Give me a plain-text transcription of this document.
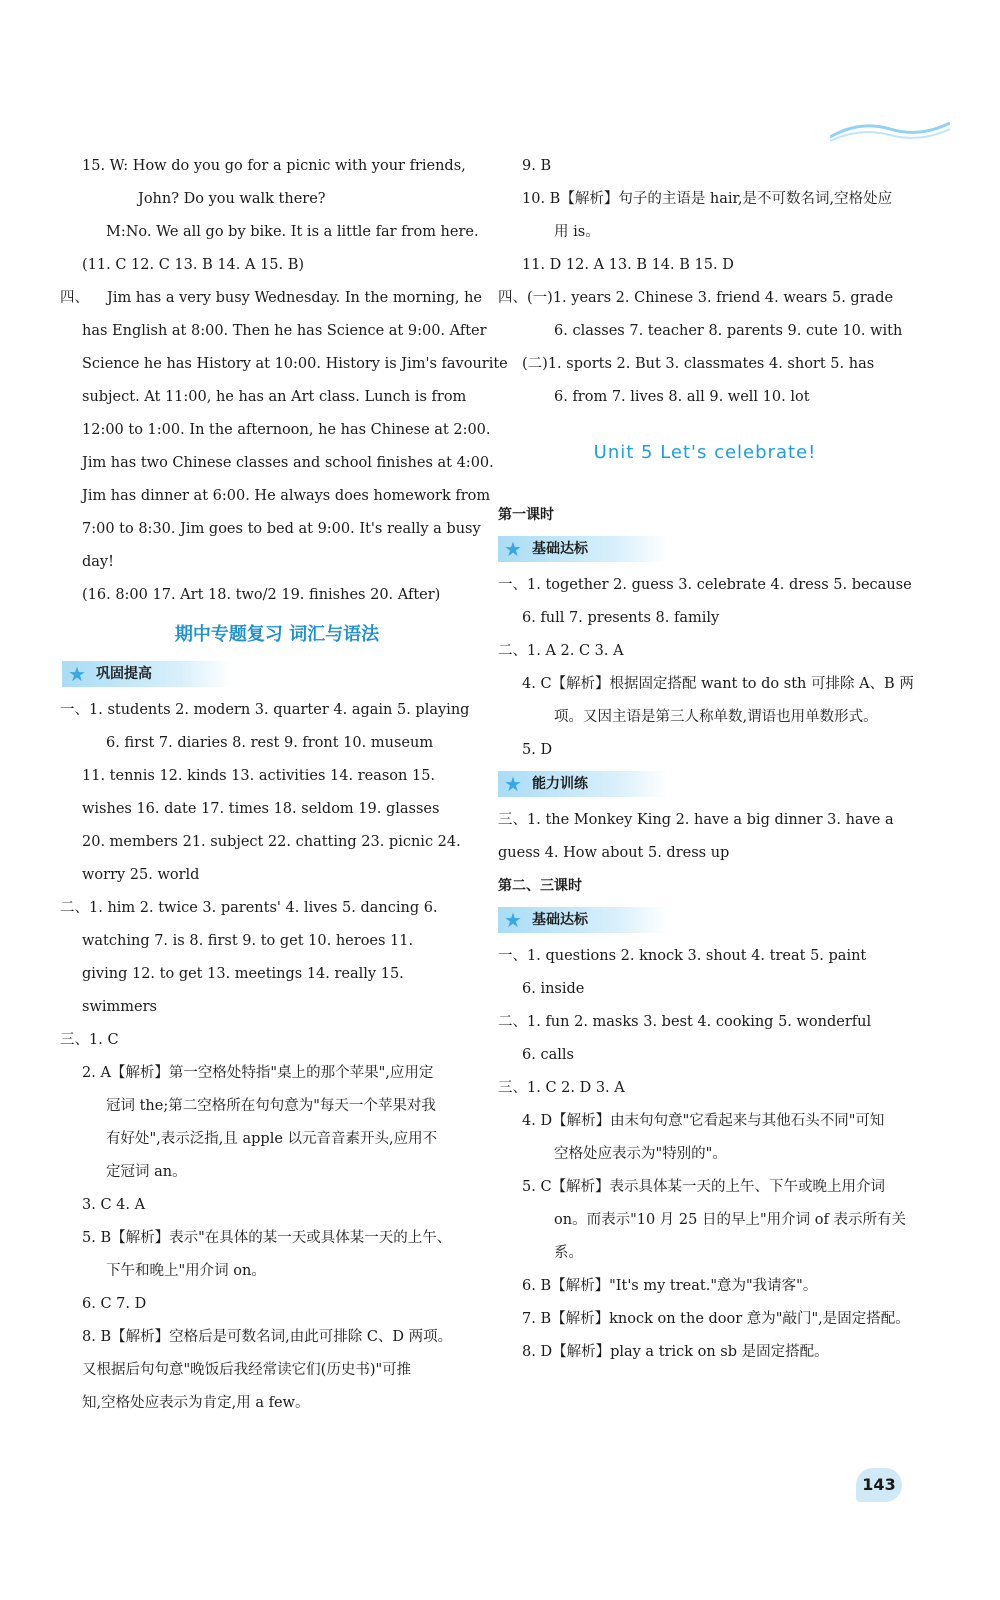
15. W: How do you go for a picnic with your friends,
John? Do you walk there?
M:No. We all go by bike. It is a little far from here.
(11. C 12. C 13. B 14. A 15. B)
四、 Jim has a very busy Wednesday. In the morning, he
has English at 8:00. Then he has Science at 9:00. After
Science he has History at 10:00. History is Jim's favourite
subject. At 11:00, he has an Art class. Lunch is from
12:00 to 1:00. In the afternoon, he has Chinese at 2:00.
Jim has two Chinese classes and school finishes at 4:00.
Jim has dinner at 6:00. He always does homework from
7:00 to 8:30. Jim goes to bed at 9:00. It's really a busy
day!
(16. 8:00 17. Art 18. two/2 19. finishes 20. After)
期中专题复习 词汇与语法
★ 巩固提高
一、1. students 2. modern 3. quarter 4. again 5. playing
6. first 7. diaries 8. rest 9. front 10. museum
11. tennis 12. kinds 13. activities 14. reason 15.
wishes 16. date 17. times 18. seldom 19. glasses
20. members 21. subject 22. chatting 23. picnic 24.
worry 25. world
二、1. him 2. twice 3. parents' 4. lives 5. dancing 6.
watching 7. is 8. first 9. to get 10. heroes 11.
giving 12. to get 13. meetings 14. really 15.
swimmers
三、1. C
2. A【解析】第一空格处特指"桌上的那个苹果",应用定
冠词 the;第二空格所在句句意为"每天一个苹果对我
有好处",表示泛指,且 apple 以元音音素开头,应用不
定冠词 an。
3. C 4. A
5. B【解析】表示"在具体的某一天或具体某一天的上午、
下午和晚上"用介词 on。
6. C 7. D
8. B【解析】空格后是可数名词,由此可排除 C、D 两项。
又根据后句句意"晚饭后我经常读它们(历史书)"可推
知,空格处应表示为肯定,用 a few。
9. B
10. B【解析】句子的主语是 hair,是不可数名词,空格处应
用 is。
11. D 12. A 13. B 14. B 15. D
四、(一)1. years 2. Chinese 3. friend 4. wears 5. grade
6. classes 7. teacher 8. parents 9. cute 10. with
(二)1. sports 2. But 3. classmates 4. short 5. has
6. from 7. lives 8. all 9. well 10. lot
Unit 5 Let's celebrate!
第一课时
★ 基础达标
一、1. together 2. guess 3. celebrate 4. dress 5. because
6. full 7. presents 8. family
二、1. A 2. C 3. A
4. C【解析】根据固定搭配 want to do sth 可排除 A、B 两
项。又因主语是第三人称单数,谓语也用单数形式。
5. D
★ 能力训练
三、1. the Monkey King 2. have a big dinner 3. have a
guess 4. How about 5. dress up
第二、三课时
★ 基础达标
一、1. questions 2. knock 3. shout 4. treat 5. paint
6. inside
二、1. fun 2. masks 3. best 4. cooking 5. wonderful
6. calls
三、1. C 2. D 3. A
4. D【解析】由末句句意"它看起来与其他石头不同"可知
空格处应表示为"特别的"。
5. C【解析】表示具体某一天的上午、下午或晚上用介词
on。而表示"10 月 25 日的早上"用介词 of 表示所有关
系。
6. B【解析】"It's my treat."意为"我请客"。
7. B【解析】knock on the door 意为"敲门",是固定搭配。
8. D【解析】play a trick on sb 是固定搭配。
143
